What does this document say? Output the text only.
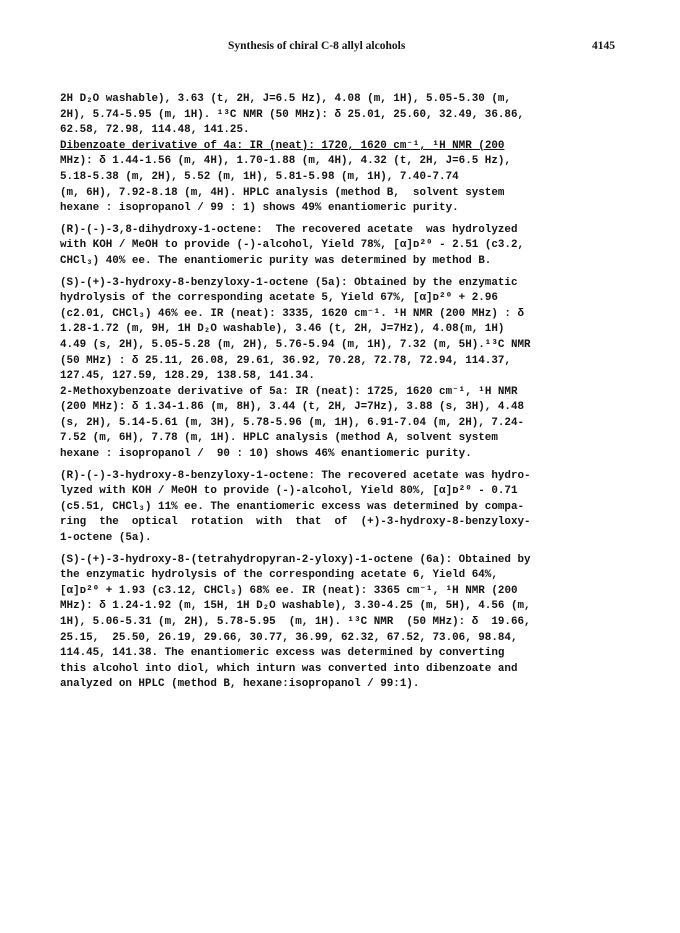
Synthesis of chiral C-8 allyl alcohols	4145
2H D₂O washable), 3.63 (t, 2H, J=6.5 Hz), 4.08 (m, 1H), 5.05-5.30 (m,
2H), 5.74-5.95 (m, 1H). ¹³C NMR (50 MHz): δ 25.01, 25.60, 32.49, 36.86,
62.58, 72.98, 114.48, 141.25.
Dibenzoate derivative of 4a: IR (neat): 1720, 1620 cm⁻¹, ¹H NMR (200
MHz): δ 1.44-1.56 (m, 4H), 1.70-1.88 (m, 4H), 4.32 (t, 2H, J=6.5 Hz),
5.18-5.38 (m, 2H), 5.52 (m, 1H), 5.81-5.98 (m, 1H), 7.40-7.74
(m, 6H), 7.92-8.18 (m, 4H). HPLC analysis (method B,  solvent system
hexane : isopropanol / 99 : 1) shows 49% enantiomeric purity.
(R)-(-)-3,8-dihydroxy-1-octene:  The recovered acetate  was hydrolyzed
with KOH / MeOH to provide (-)-alcohol, Yield 78%, [α]ᴅ²⁰ - 2.51 (c3.2,
CHCl₃) 40% ee. The enantiomeric purity was determined by method B.
(S)-(+)-3-hydroxy-8-benzyloxy-1-octene (5a): Obtained by the enzymatic
hydrolysis of the corresponding acetate 5, Yield 67%, [α]ᴅ²⁰ + 2.96
(c2.01, CHCl₃) 46% ee. IR (neat): 3335, 1620 cm⁻¹. ¹H NMR (200 MHz) : δ
1.28-1.72 (m, 9H, 1H D₂O washable), 3.46 (t, 2H, J=7Hz), 4.08(m, 1H)
4.49 (s, 2H), 5.05-5.28 (m, 2H), 5.76-5.94 (m, 1H), 7.32 (m, 5H).¹³C NMR
(50 MHz) : δ 25.11, 26.08, 29.61, 36.92, 70.28, 72.78, 72.94, 114.37,
127.45, 127.59, 128.29, 138.58, 141.34.
2-Methoxybenzoate derivative of 5a: IR (neat): 1725, 1620 cm⁻¹, ¹H NMR
(200 MHz): δ 1.34-1.86 (m, 8H), 3.44 (t, 2H, J=7Hz), 3.88 (s, 3H), 4.48
(s, 2H), 5.14-5.61 (m, 3H), 5.78-5.96 (m, 1H), 6.91-7.04 (m, 2H), 7.24-
7.52 (m, 6H), 7.78 (m, 1H). HPLC analysis (method A, solvent system
hexane : isopropanol /  90 : 10) shows 46% enantiomeric purity.
(R)-(-)-3-hydroxy-8-benzyloxy-1-octene: The recovered acetate was hydro-
lyzed with KOH / MeOH to provide (-)-alcohol, Yield 80%, [α]ᴅ²⁰ - 0.71
(c5.51, CHCl₃) 11% ee. The enantiomeric excess was determined by compa-
ring  the  optical  rotation  with  that  of  (+)-3-hydroxy-8-benzyloxy-
1-octene (5a).
(S)-(+)-3-hydroxy-8-(tetrahydropyran-2-yloxy)-1-octene (6a): Obtained by
the enzymatic hydrolysis of the corresponding acetate 6, Yield 64%,
[α]ᴅ²⁰ + 1.93 (c3.12, CHCl₃) 68% ee. IR (neat): 3365 cm⁻¹, ¹H NMR (200
MHz): δ 1.24-1.92 (m, 15H, 1H D₂O washable), 3.30-4.25 (m, 5H), 4.56 (m,
1H), 5.06-5.31 (m, 2H), 5.78-5.95  (m, 1H). ¹³C NMR  (50 MHz): δ  19.66,
25.15,  25.50, 26.19, 29.66, 30.77, 36.99, 62.32, 67.52, 73.06, 98.84,
114.45, 141.38. The enantiomeric excess was determined by converting
this alcohol into diol, which inturn was converted into dibenzoate and
analyzed on HPLC (method B, hexane:isopropanol / 99:1).
